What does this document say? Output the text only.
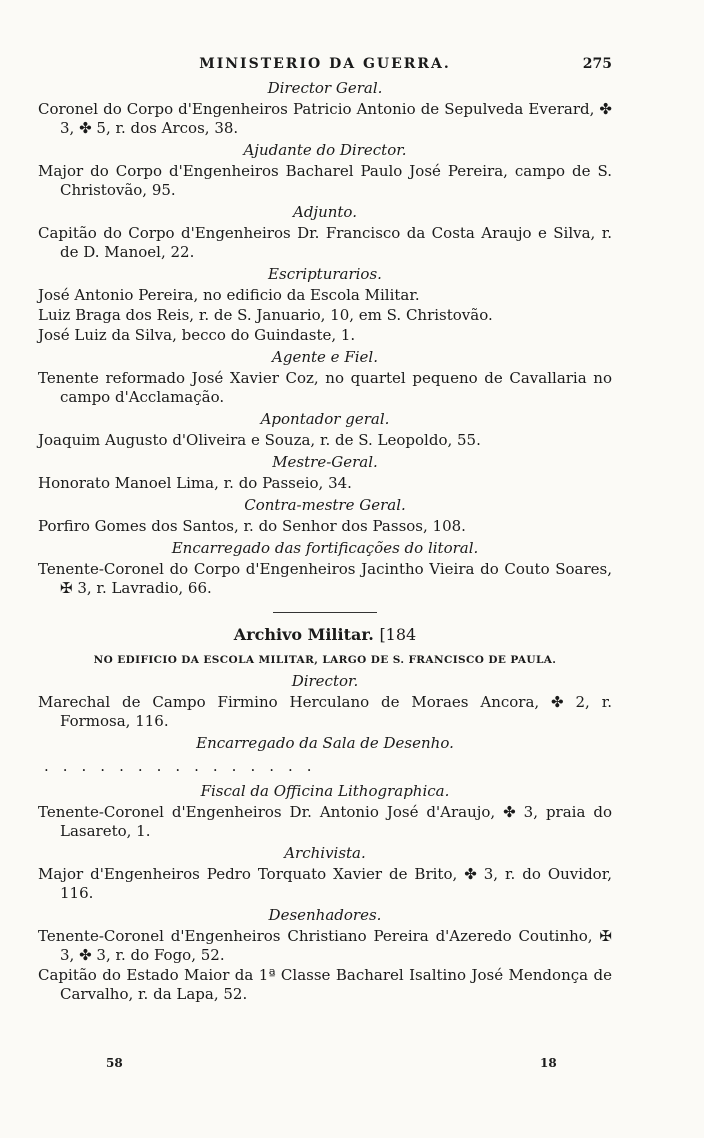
MINISTERIO DA GUERRA.	275
Director Geral.
Coronel do Corpo d'Engenheiros Patricio Antonio de Sepulveda Everard, ✤ 3, ✤ 5, r. dos Arcos, 38.
Ajudante do Director.
Major do Corpo d'Engenheiros Bacharel Paulo José Pereira, campo de S. Christovão, 95.
Adjunto.
Capitão do Corpo d'Engenheiros Dr. Francisco da Costa Araujo e Silva, r. de D. Manoel, 22.
Escripturarios.
José Antonio Pereira, no edificio da Escola Militar.
Luiz Braga dos Reis, r. de S. Januario, 10, em S. Christovão.
José Luiz da Silva, becco do Guindaste, 1.
Agente e Fiel.
Tenente reformado José Xavier Coz, no quartel pequeno de Cavallaria no campo d'Acclamação.
Apontador geral.
Joaquim Augusto d'Oliveira e Souza, r. de S. Leopoldo, 55.
Mestre-Geral.
Honorato Manoel Lima, r. do Passeio, 34.
Contra-mestre Geral.
Porfiro Gomes dos Santos, r. do Senhor dos Passos, 108.
Encarregado das fortificações do litoral.
Tenente-Coronel do Corpo d'Engenheiros Jacintho Vieira do Couto Soares, ✠ 3, r. Lavradio, 66.
Archivo Militar. [184
NO EDIFICIO DA ESCOLA MILITAR, LARGO DE S. FRANCISCO DE PAULA.
Director.
Marechal de Campo Firmino Herculano de Moraes Ancora, ✤ 2, r. Formosa, 116.
Encarregado da Sala de Desenho.
...............
Fiscal da Officina Lithographica.
Tenente-Coronel d'Engenheiros Dr. Antonio José d'Araujo, ✤ 3, praia do Lasareto, 1.
Archivista.
Major d'Engenheiros Pedro Torquato Xavier de Brito, ✤ 3, r. do Ouvidor, 116.
Desenhadores.
Tenente-Coronel d'Engenheiros Christiano Pereira d'Azeredo Coutinho, ✠ 3, ✤ 3, r. do Fogo, 52.
Capitão do Estado Maior da 1ª Classe Bacharel Isaltino José Mendonça de Carvalho, r. da Lapa, 52.
58	18
